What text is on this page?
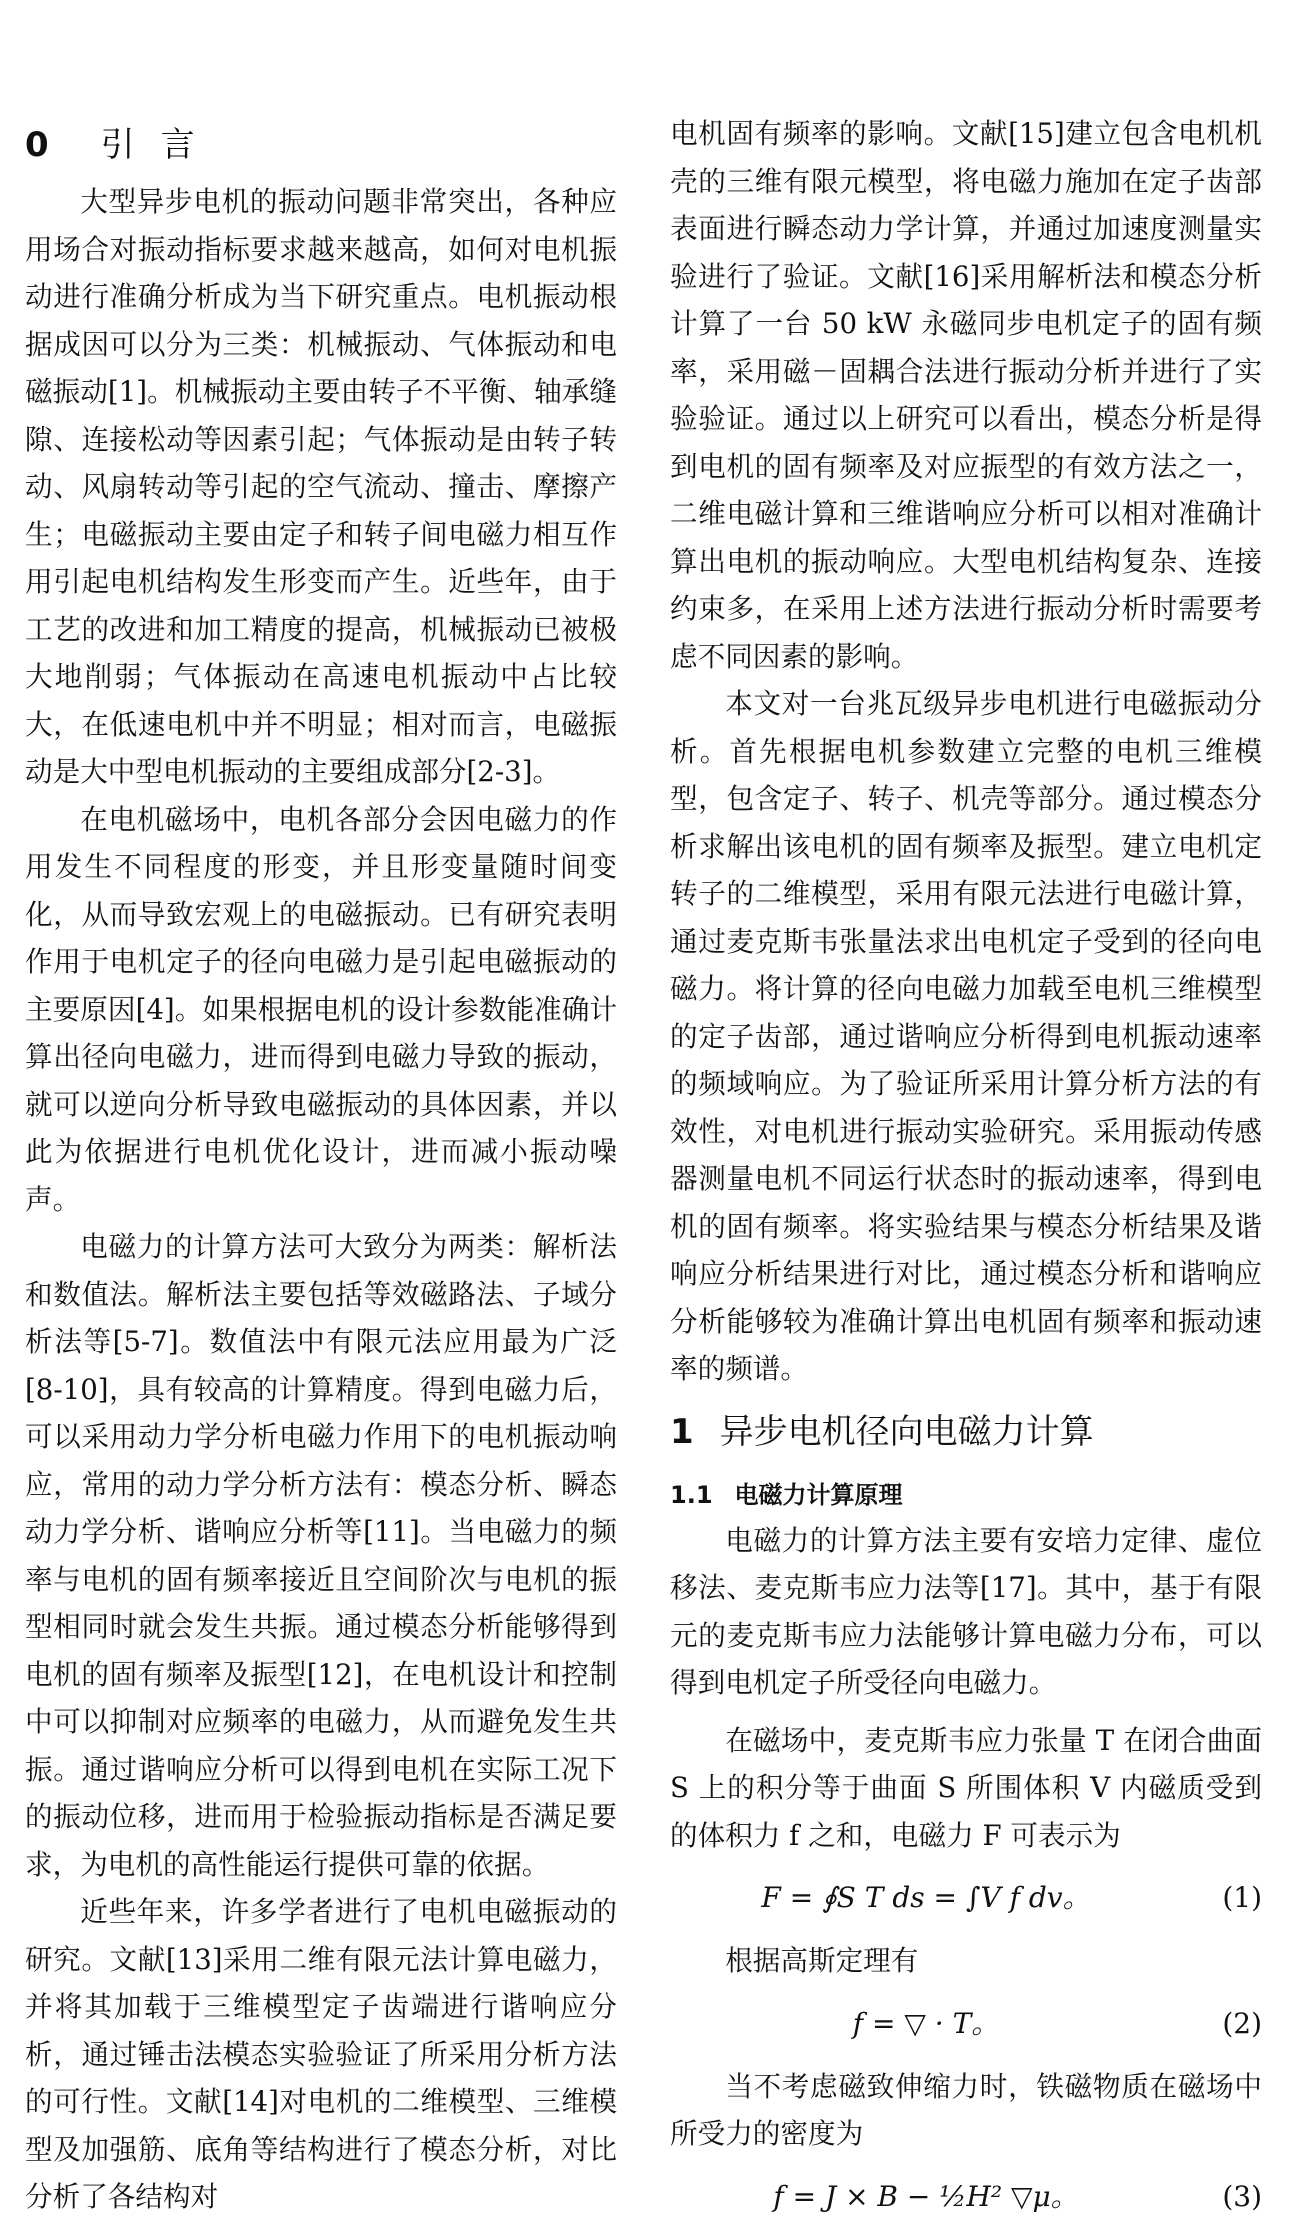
0 引言

大型异步电机的振动问题非常突出，各种应用场合对振动指标要求越来越高，如何对电机振动进行准确分析成为当下研究重点。电机振动根据成因可以分为三类：机械振动、气体振动和电磁振动[1]。机械振动主要由转子不平衡、轴承缝隙、连接松动等因素引起；气体振动是由转子转动、风扇转动等引起的空气流动、撞击、摩擦产生；电磁振动主要由定子和转子间电磁力相互作用引起电机结构发生形变而产生。近些年，由于工艺的改进和加工精度的提高，机械振动已被极大地削弱；气体振动在高速电机振动中占比较大，在低速电机中并不明显；相对而言，电磁振动是大中型电机振动的主要组成部分[2-3]。

在电机磁场中，电机各部分会因电磁力的作用发生不同程度的形变，并且形变量随时间变化，从而导致宏观上的电磁振动。已有研究表明作用于电机定子的径向电磁力是引起电磁振动的主要原因[4]。如果根据电机的设计参数能准确计算出径向电磁力，进而得到电磁力导致的振动，就可以逆向分析导致电磁振动的具体因素，并以此为依据进行电机优化设计，进而减小振动噪声。

电磁力的计算方法可大致分为两类：解析法和数值法。解析法主要包括等效磁路法、子域分析法等[5-7]。数值法中有限元法应用最为广泛[8-10]，具有较高的计算精度。得到电磁力后，可以采用动力学分析电磁力作用下的电机振动响应，常用的动力学分析方法有：模态分析、瞬态动力学分析、谐响应分析等[11]。当电磁力的频率与电机的固有频率接近且空间阶次与电机的振型相同时就会发生共振。通过模态分析能够得到电机的固有频率及振型[12]，在电机设计和控制中可以抑制对应频率的电磁力，从而避免发生共振。通过谐响应分析可以得到电机在实际工况下的振动位移，进而用于检验振动指标是否满足要求，为电机的高性能运行提供可靠的依据。

近些年来，许多学者进行了电机电磁振动的研究。文献[13]采用二维有限元法计算电磁力，并将其加载于三维模型定子齿端进行谐响应分析，通过锤击法模态实验验证了所采用分析方法的可行性。文献[14]对电机的二维模型、三维模型及加强筋、底角等结构进行了模态分析，对比分析了各结构对

电机固有频率的影响。文献[15]建立包含电机机壳的三维有限元模型，将电磁力施加在定子齿部表面进行瞬态动力学计算，并通过加速度测量实验进行了验证。文献[16]采用解析法和模态分析计算了一台 50 kW 永磁同步电机定子的固有频率，采用磁－固耦合法进行振动分析并进行了实验验证。通过以上研究可以看出，模态分析是得到电机的固有频率及对应振型的有效方法之一，二维电磁计算和三维谐响应分析可以相对准确计算出电机的振动响应。大型电机结构复杂、连接约束多，在采用上述方法进行振动分析时需要考虑不同因素的影响。

本文对一台兆瓦级异步电机进行电磁振动分析。首先根据电机参数建立完整的电机三维模型，包含定子、转子、机壳等部分。通过模态分析求解出该电机的固有频率及振型。建立电机定转子的二维模型，采用有限元法进行电磁计算，通过麦克斯韦张量法求出电机定子受到的径向电磁力。将计算的径向电磁力加载至电机三维模型的定子齿部，通过谐响应分析得到电机振动速率的频域响应。为了验证所采用计算分析方法的有效性，对电机进行振动实验研究。采用振动传感器测量电机不同运行状态时的振动速率，得到电机的固有频率。将实验结果与模态分析结果及谐响应分析结果进行对比，通过模态分析和谐响应分析能够较为准确计算出电机固有频率和振动速率的频谱。

1 异步电机径向电磁力计算
1.1 电磁力计算原理

电磁力的计算方法主要有安培力定律、虚位移法、麦克斯韦应力法等[17]。其中，基于有限元的麦克斯韦应力法能够计算电磁力分布，可以得到电机定子所受径向电磁力。

在磁场中，麦克斯韦应力张量 T 在闭合曲面 S 上的积分等于曲面 S 所围体积 V 内磁质受到的体积力 f 之和，电磁力 F 可表示为

F = ∮S T ds = ∫V f dv。	(1)

根据高斯定理有

f = ▽ · T。	(2)

当不考虑磁致伸缩力时，铁磁物质在磁场中所受力的密度为

f = J × B − ½H² ▽μ。	(3)
